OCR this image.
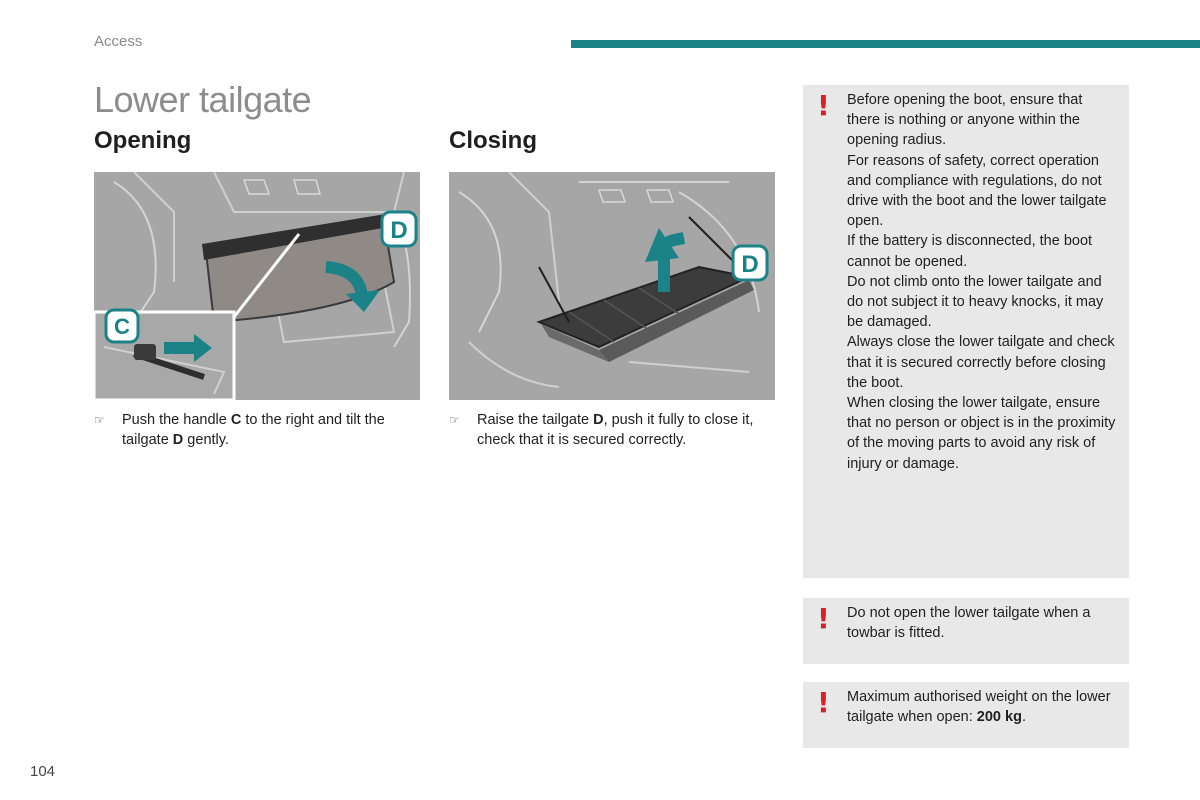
Access
Lower tailgate
Opening	Closing
D
C
D
☞ Push the handle C to the right and tilt the tailgate D gently.
☞ Raise the tailgate D, push it fully to close it, check that it is secured correctly.
! Before opening the boot, ensure that there is nothing or anyone within the opening radius.

For reasons of safety, correct operation and compliance with regulations, do not drive with the boot and the lower tailgate open.

If the battery is disconnected, the boot cannot be opened.

Do not climb onto the lower tailgate and do not subject it to heavy knocks, it may be damaged.

Always close the lower tailgate and check that it is secured correctly before closing the boot.

When closing the lower tailgate, ensure that no person or object is in the proximity of the moving parts to avoid any risk of injury or damage.

! Do not open the lower tailgate when a towbar is fitted.

! Maximum authorised weight on the lower tailgate when open: 200 kg.

104
